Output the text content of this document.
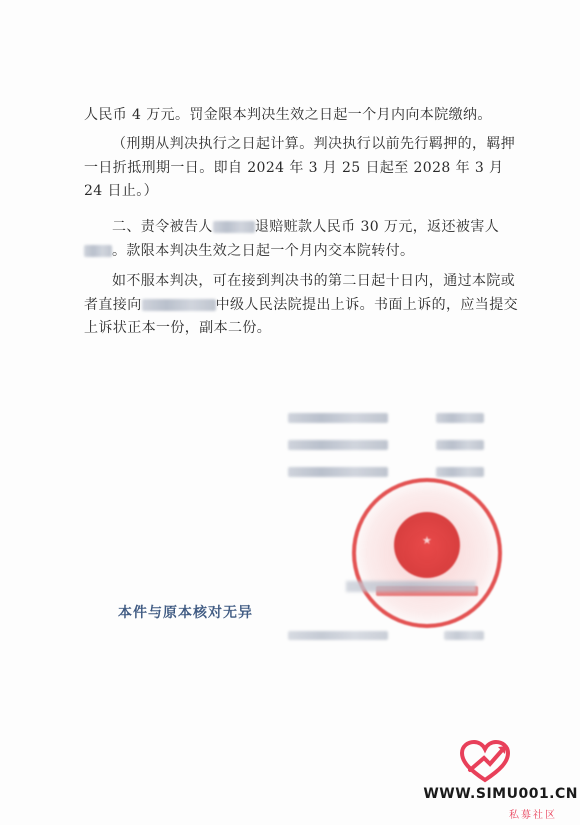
人民币 4 万元。罚金限本判决生效之日起一个月内向本院缴纳。

（刑期从判决执行之日起计算。判决执行以前先行羁押的，羁押一日折抵刑期一日。即自 2024 年 3 月 25 日起至 2028 年 3 月 24 日止。）

二、责令被告人	退赔赃款人民币 30 万元，返还被害人。款限本判决生效之日起一个月内交本院转付。

如不服本判决，可在接到判决书的第二日起十日内，通过本院或者直接向	中级人民法院提出上诉。书面上诉的，应当提交上诉状正本一份，副本二份。

★
本件与原本核对无异
WWW.SIMU001.CN
私募社区
